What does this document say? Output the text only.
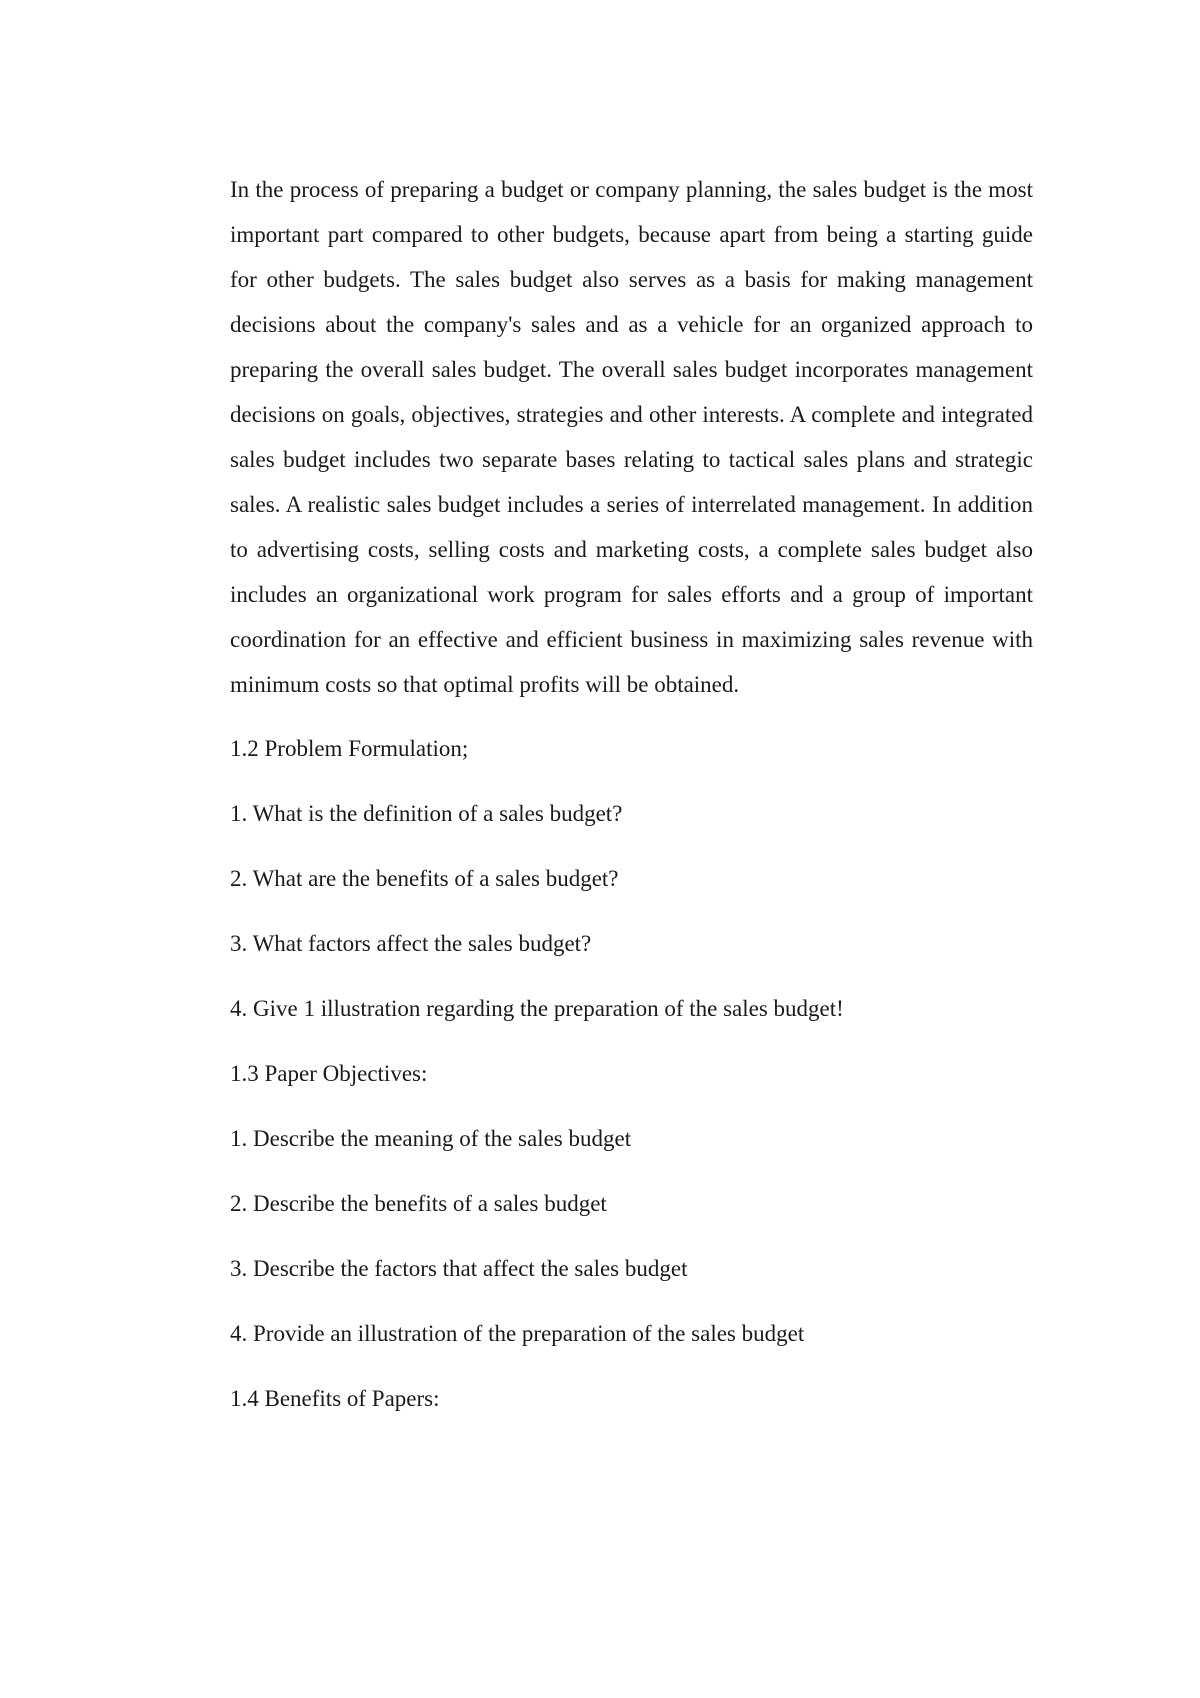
In the process of preparing a budget or company planning, the sales budget is the most important part compared to other budgets, because apart from being a starting guide for other budgets. The sales budget also serves as a basis for making management decisions about the company's sales and as a vehicle for an organized approach to preparing the overall sales budget. The overall sales budget incorporates management decisions on goals, objectives, strategies and other interests. A complete and integrated sales budget includes two separate bases relating to tactical sales plans and strategic sales. A realistic sales budget includes a series of interrelated management. In addition to advertising costs, selling costs and marketing costs, a complete sales budget also includes an organizational work program for sales efforts and a group of important coordination for an effective and efficient business in maximizing sales revenue with minimum costs so that optimal profits will be obtained.

1.2 Problem Formulation;

1. What is the definition of a sales budget?

2. What are the benefits of a sales budget?

3. What factors affect the sales budget?

4. Give 1 illustration regarding the preparation of the sales budget!

1.3 Paper Objectives:

1. Describe the meaning of the sales budget

2. Describe the benefits of a sales budget

3. Describe the factors that affect the sales budget

4. Provide an illustration of the preparation of the sales budget

1.4 Benefits of Papers:
